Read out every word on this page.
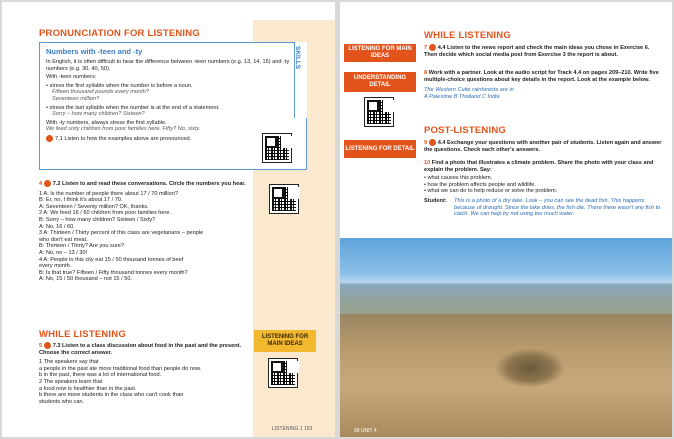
PRONUNCIATION FOR LISTENING
SKILLS
Numbers with -teen and -ty
In English, it is often difficult to hear the difference between -teen numbers (e.g. 13, 14, 15) and -ty numbers (e.g. 30, 40, 50).
With -teen numbers:
• stress the first syllable when the number is before a noun.
Fifteen thousand pounds every month?
Seventeen million?
• stress the last syllable when the number is at the end of a statement.
Sorry – how many children? Sixteen?
With -ty numbers, always stress the first syllable.
We feed sixty children from poor families here. Fifty? No, sixty.
7.1 Listen to how the examples above are pronounced.
4 7.2 Listen to and read these conversations. Circle the numbers you hear.
1 A: Is the number of people there about 17 / 70 million?
B: Er, no, I think it's about 17 / 70.
A: Seventeen / Seventy million? OK, thanks.
2 A: We feed 16 / 60 children from poor families here.
B: Sorry – how many children? Sixteen / Sixty?
A: No, 16 / 60.
3 A: Thirteen / Thirty percent of this class are vegetarians – people
who don't eat meat.
B: Thirteen / Thirty? Are you sure?
A: No, no – 13 / 30!
4 A: People in this city eat 15 / 50 thousand tonnes of beef
every month.
B: Is that true? Fifteen / Fifty thousand tonnes every month?
A: No, 15 / 50 thousand – not 15 / 50.
WHILE LISTENING
5 7.3 Listen to a class discussion about food in the past and the present. Choose the correct answer.
1 The speakers say that
a people in the past ate more traditional food than people do now.
b in the past, there was a lot of international food.
2 The speakers learn that
a food now is healthier than in the past.
b there are more students in the class who can't cook than
students who can.
LISTENING FOR MAIN IDEAS
LISTENING 1 153
LISTENING FOR MAIN IDEAS
UNDERSTANDING DETAIL
LISTENING FOR DETAIL
WHILE LISTENING
7 4.4 Listen to the news report and check the main ideas you chose in Exercise 6. Then decide which social media post from Exercise 3 the report is about.
8 Work with a partner. Look at the audio script for Track 4.4 on pages 209–210. Write five multiple-choice questions about key details in the report. Look at the example below.
The Western Cuite rainforests are in
A Palestine B Thailand C India
POST-LISTENING
9 4.4 Exchange your questions with another pair of students. Listen again and answer the questions. Check each other's answers.
10 Find a photo that illustrates a climate problem. Share the photo with your class and explain the problem. Say:
• what causes this problem.
• how the problem affects people and wildlife.
• what we can do to help reduce or solve the problem.
Student:	This is a photo of a dry lake. Look – you can see the dead fish. This happens because of drought. Since the lake dries, the fish die. There there wasn't any fish to catch. We can help by not using too much water.
98 UNIT 4
